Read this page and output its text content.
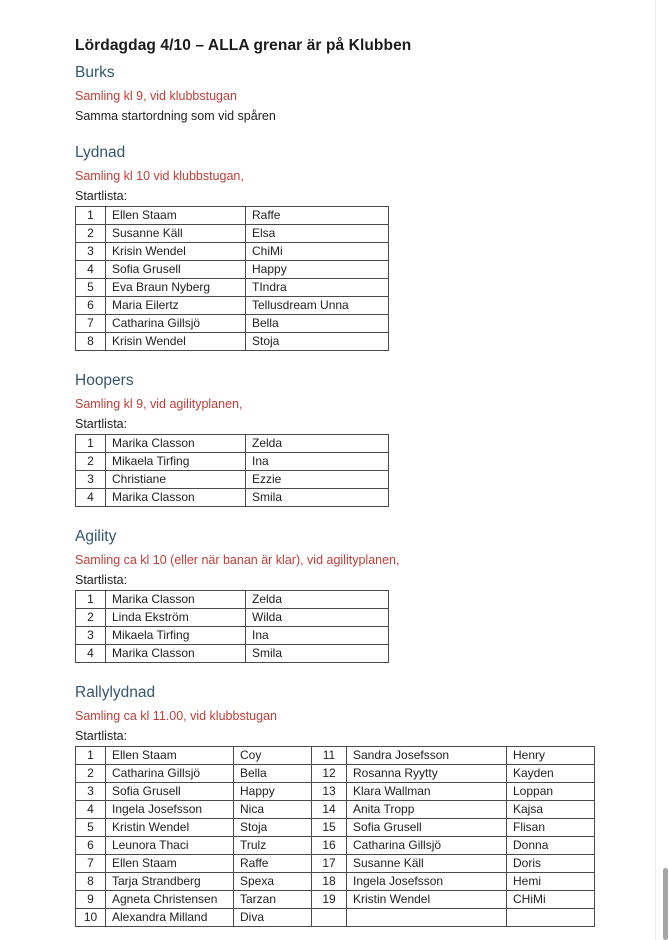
Lördagdag 4/10 – ALLA grenar är på Klubben
Burks
Samling kl 9, vid klubbstugan
Samma startordning som vid spåren
Lydnad
Samling kl 10 vid klubbstugan,
Startlista:
1	Ellen Staam	Raffe
2	Susanne Käll	Elsa
3	Krisin Wendel	ChiMi
4	Sofia Grusell	Happy
5	Eva Braun Nyberg	TIndra
6	Maria Eilertz	Tellusdream Unna
7	Catharina Gillsjö	Bella
8	Krisin Wendel	Stoja
Hoopers
Samling kl 9, vid agilityplanen,
Startlista:
1	Marika Classon	Zelda
2	Mikaela Tirfing	Ina
3	Christiane	Ezzie
4	Marika Classon	Smila
Agility
Samling ca kl 10 (eller när banan är klar), vid agilityplanen,
Startlista:
1	Marika Classon	Zelda
2	Linda Ekström	Wilda
3	Mikaela Tirfing	Ina
4	Marika Classon	Smila
Rallylydnad
Samling ca kl 11.00, vid klubbstugan
Startlista:
1	Ellen Staam	Coy	11	Sandra Josefsson	Henry
2	Catharina Gillsjö	Bella	12	Rosanna Ryytty	Kayden
3	Sofia Grusell	Happy	13	Klara Wallman	Loppan
4	Ingela Josefsson	Nica	14	Anita Tropp	Kajsa
5	Kristin Wendel	Stoja	15	Sofia Grusell	Flisan
6	Leunora Thaci	Trulz	16	Catharina Gillsjö	Donna
7	Ellen Staam	Raffe	17	Susanne Käll	Doris
8	Tarja Strandberg	Spexa	18	Ingela Josefsson	Hemi
9	Agneta Christensen	Tarzan	19	Kristin Wendel	CHiMi
10	Alexandra Milland	Diva			
